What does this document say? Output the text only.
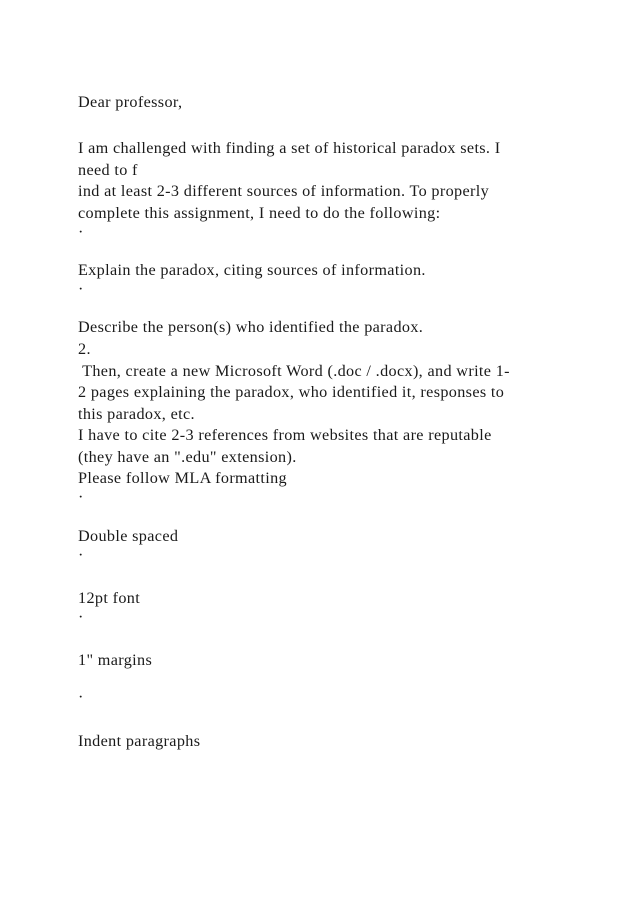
Dear professor,
I am challenged with finding a set of historical paradox sets. I
need to f
ind at least 2-3 different sources of information. To properly
complete this assignment, I need to do the following:
·
Explain the paradox, citing sources of information.
·
Describe the person(s) who identified the paradox.
2.
Then, create a new Microsoft Word (.doc / .docx), and write 1-
2 pages explaining the paradox, who identified it, responses to
this paradox, etc.
I have to cite 2-3 references from websites that are reputable
(they have an ".edu" extension).
Please follow MLA formatting
·
Double spaced
·
12pt font
·
1" margins
·
Indent paragraphs
